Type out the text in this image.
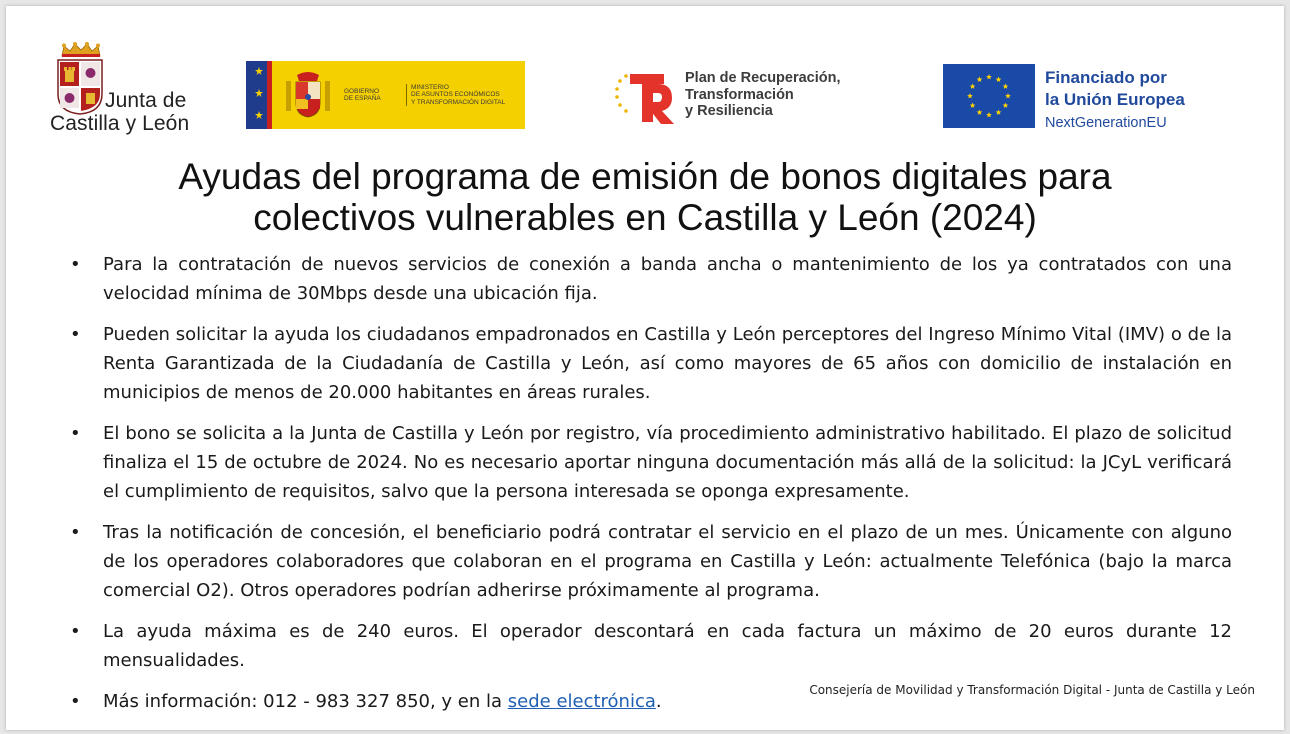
Junta de
Castilla y León
GOBIERNO
DE ESPAÑA
MINISTERIO
DE ASUNTOS ECONÓMICOS
Y TRANSFORMACIÓN DIGITAL
Plan de Recuperación,
Transformación
y Resiliencia
Financiado por
la Unión Europea
NextGenerationEU
Ayudas del programa de emisión de bonos digitales para
colectivos vulnerables en Castilla y León (2024)
• Para la contratación de nuevos servicios de conexión a banda ancha o mantenimiento de los ya contratados con una velocidad mínima de 30Mbps desde una ubicación fija.
• Pueden solicitar la ayuda los ciudadanos empadronados en Castilla y León perceptores del Ingreso Mínimo Vital (IMV) o de la Renta Garantizada de la Ciudadanía de Castilla y León, así como mayores de 65 años con domicilio de instalación en municipios de menos de 20.000 habitantes en áreas rurales.
• El bono se solicita a la Junta de Castilla y León por registro, vía procedimiento administrativo habilitado. El plazo de solicitud finaliza el 15 de octubre de 2024. No es necesario aportar ninguna documentación más allá de la solicitud: la JCyL verificará el cumplimiento de requisitos, salvo que la persona interesada se oponga expresamente.
• Tras la notificación de concesión, el beneficiario podrá contratar el servicio en el plazo de un mes. Únicamente con alguno de los operadores colaboradores que colaboran en el programa en Castilla y León: actualmente Telefónica (bajo la marca comercial O2). Otros operadores podrían adherirse próximamente al programa.
• La ayuda máxima es de 240 euros. El operador descontará en cada factura un máximo de 20 euros durante 12 mensualidades.
• Más información: 012 - 983 327 850, y en la sede electrónica.
Consejería de Movilidad y Transformación Digital - Junta de Castilla y León
